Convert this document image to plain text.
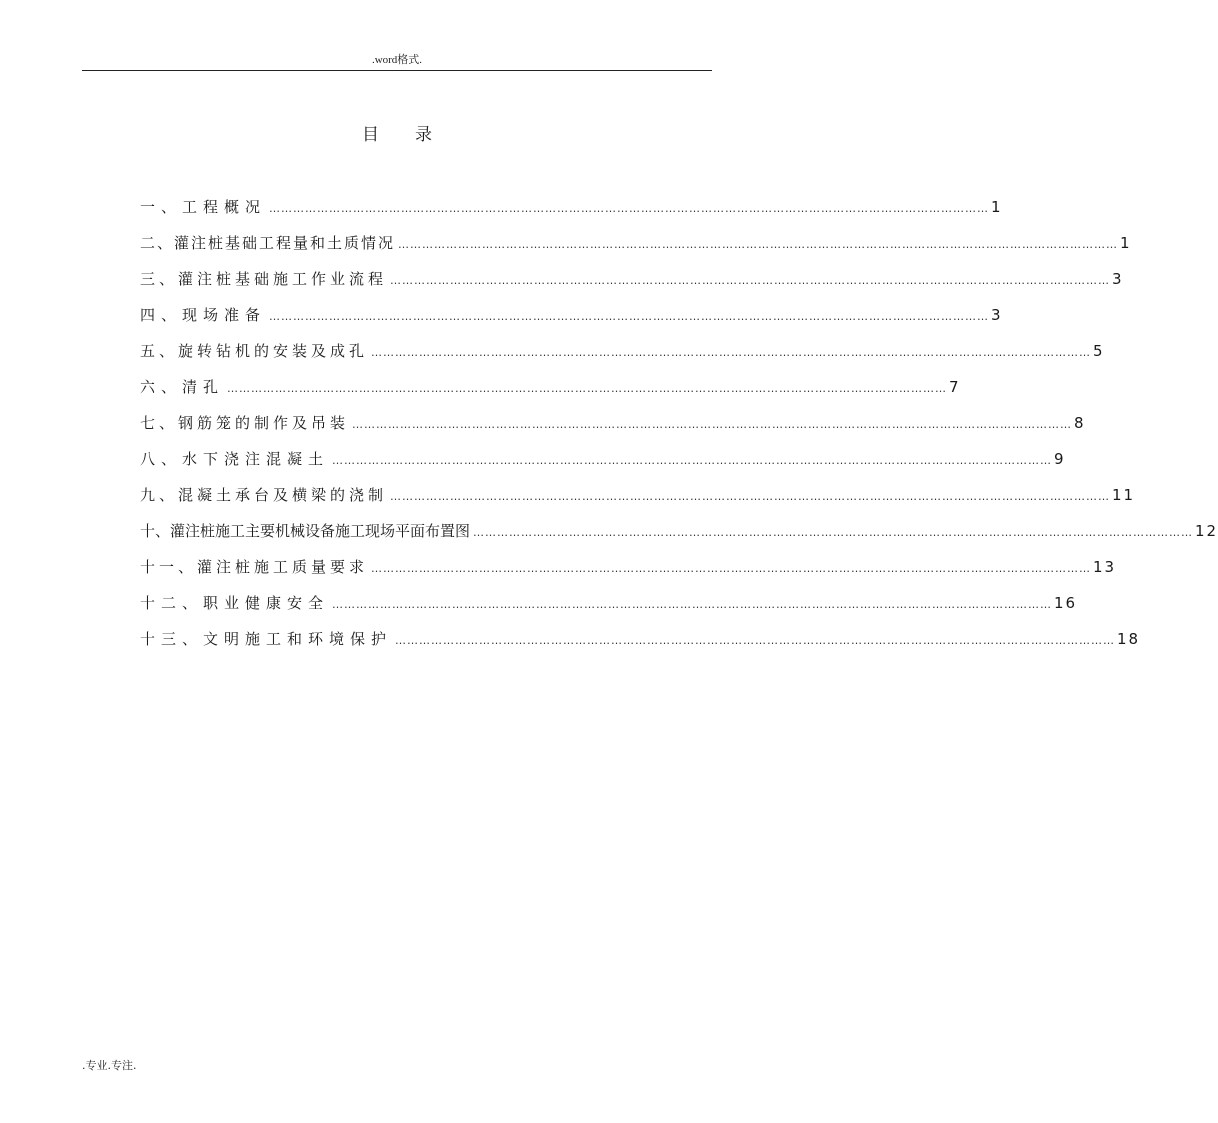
.word格式.
目录
一、工程概况 ……………………………………………………………………………………………………………………………………………………………… 1
二、灌注桩基础工程量和土质情况 ……………………………………………………………………………………………………………………………………………………………… 1
三、灌注桩基础施工作业流程 ……………………………………………………………………………………………………………………………………………………………… 3
四、现场准备 ……………………………………………………………………………………………………………………………………………………………… 3
五、旋转钻机的安装及成孔 ……………………………………………………………………………………………………………………………………………………………… 5
六、清孔 ……………………………………………………………………………………………………………………………………………………………… 7
七、钢筋笼的制作及吊装 ……………………………………………………………………………………………………………………………………………………………… 8
八、水下浇注混凝土 ……………………………………………………………………………………………………………………………………………………………… 9
九、混凝土承台及横梁的浇制 ……………………………………………………………………………………………………………………………………………………………… 11
十、灌注桩施工主要机械设备施工现场平面布置图 ……………………………………………………………………………………………………………………………………………………………… 12
十一、灌注桩施工质量要求 ……………………………………………………………………………………………………………………………………………………………… 13
十二、职业健康安全 ……………………………………………………………………………………………………………………………………………………………… 16
十三、文明施工和环境保护 ……………………………………………………………………………………………………………………………………………………………… 18
.专业.专注.
